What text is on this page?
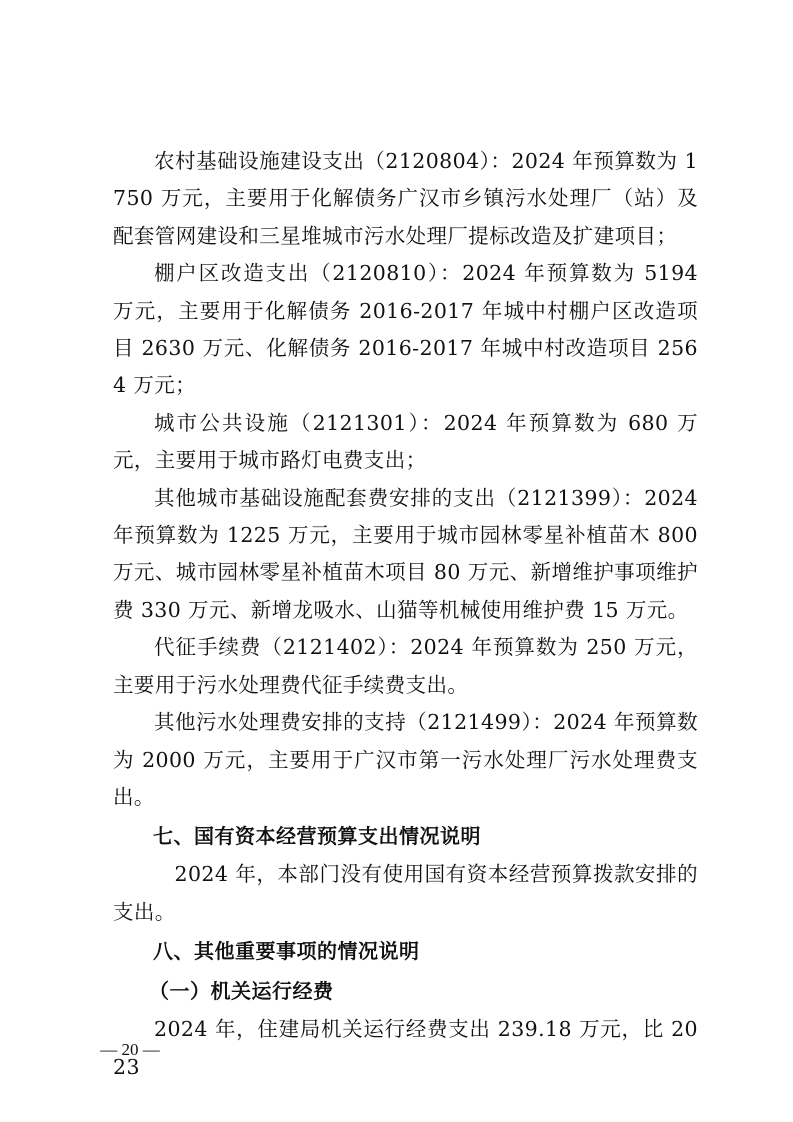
农村基础设施建设支出（2120804）：2024 年预算数为 1750 万元，主要用于化解债务广汉市乡镇污水处理厂（站）及配套管网建设和三星堆城市污水处理厂提标改造及扩建项目；

棚户区改造支出（2120810）：2024 年预算数为 5194 万元，主要用于化解债务 2016-2017 年城中村棚户区改造项目 2630 万元、化解债务 2016-2017 年城中村改造项目 2564 万元；

城市公共设施（2121301）：2024 年预算数为 680 万元，主要用于城市路灯电费支出；

其他城市基础设施配套费安排的支出（2121399）：2024 年预算数为 1225 万元，主要用于城市园林零星补植苗木 800 万元、城市园林零星补植苗木项目 80 万元、新增维护事项维护费 330 万元、新增龙吸水、山猫等机械使用维护费 15 万元。

代征手续费（2121402）：2024 年预算数为 250 万元，主要用于污水处理费代征手续费支出。

其他污水处理费安排的支持（2121499）：2024 年预算数为 2000 万元，主要用于广汉市第一污水处理厂污水处理费支出。

七、国有资本经营预算支出情况说明

2024 年，本部门没有使用国有资本经营预算拨款安排的支出。

八、其他重要事项的情况说明
（一）机关运行经费

2024 年，住建局机关运行经费支出 239.18 万元，比 2023

— 20 —
